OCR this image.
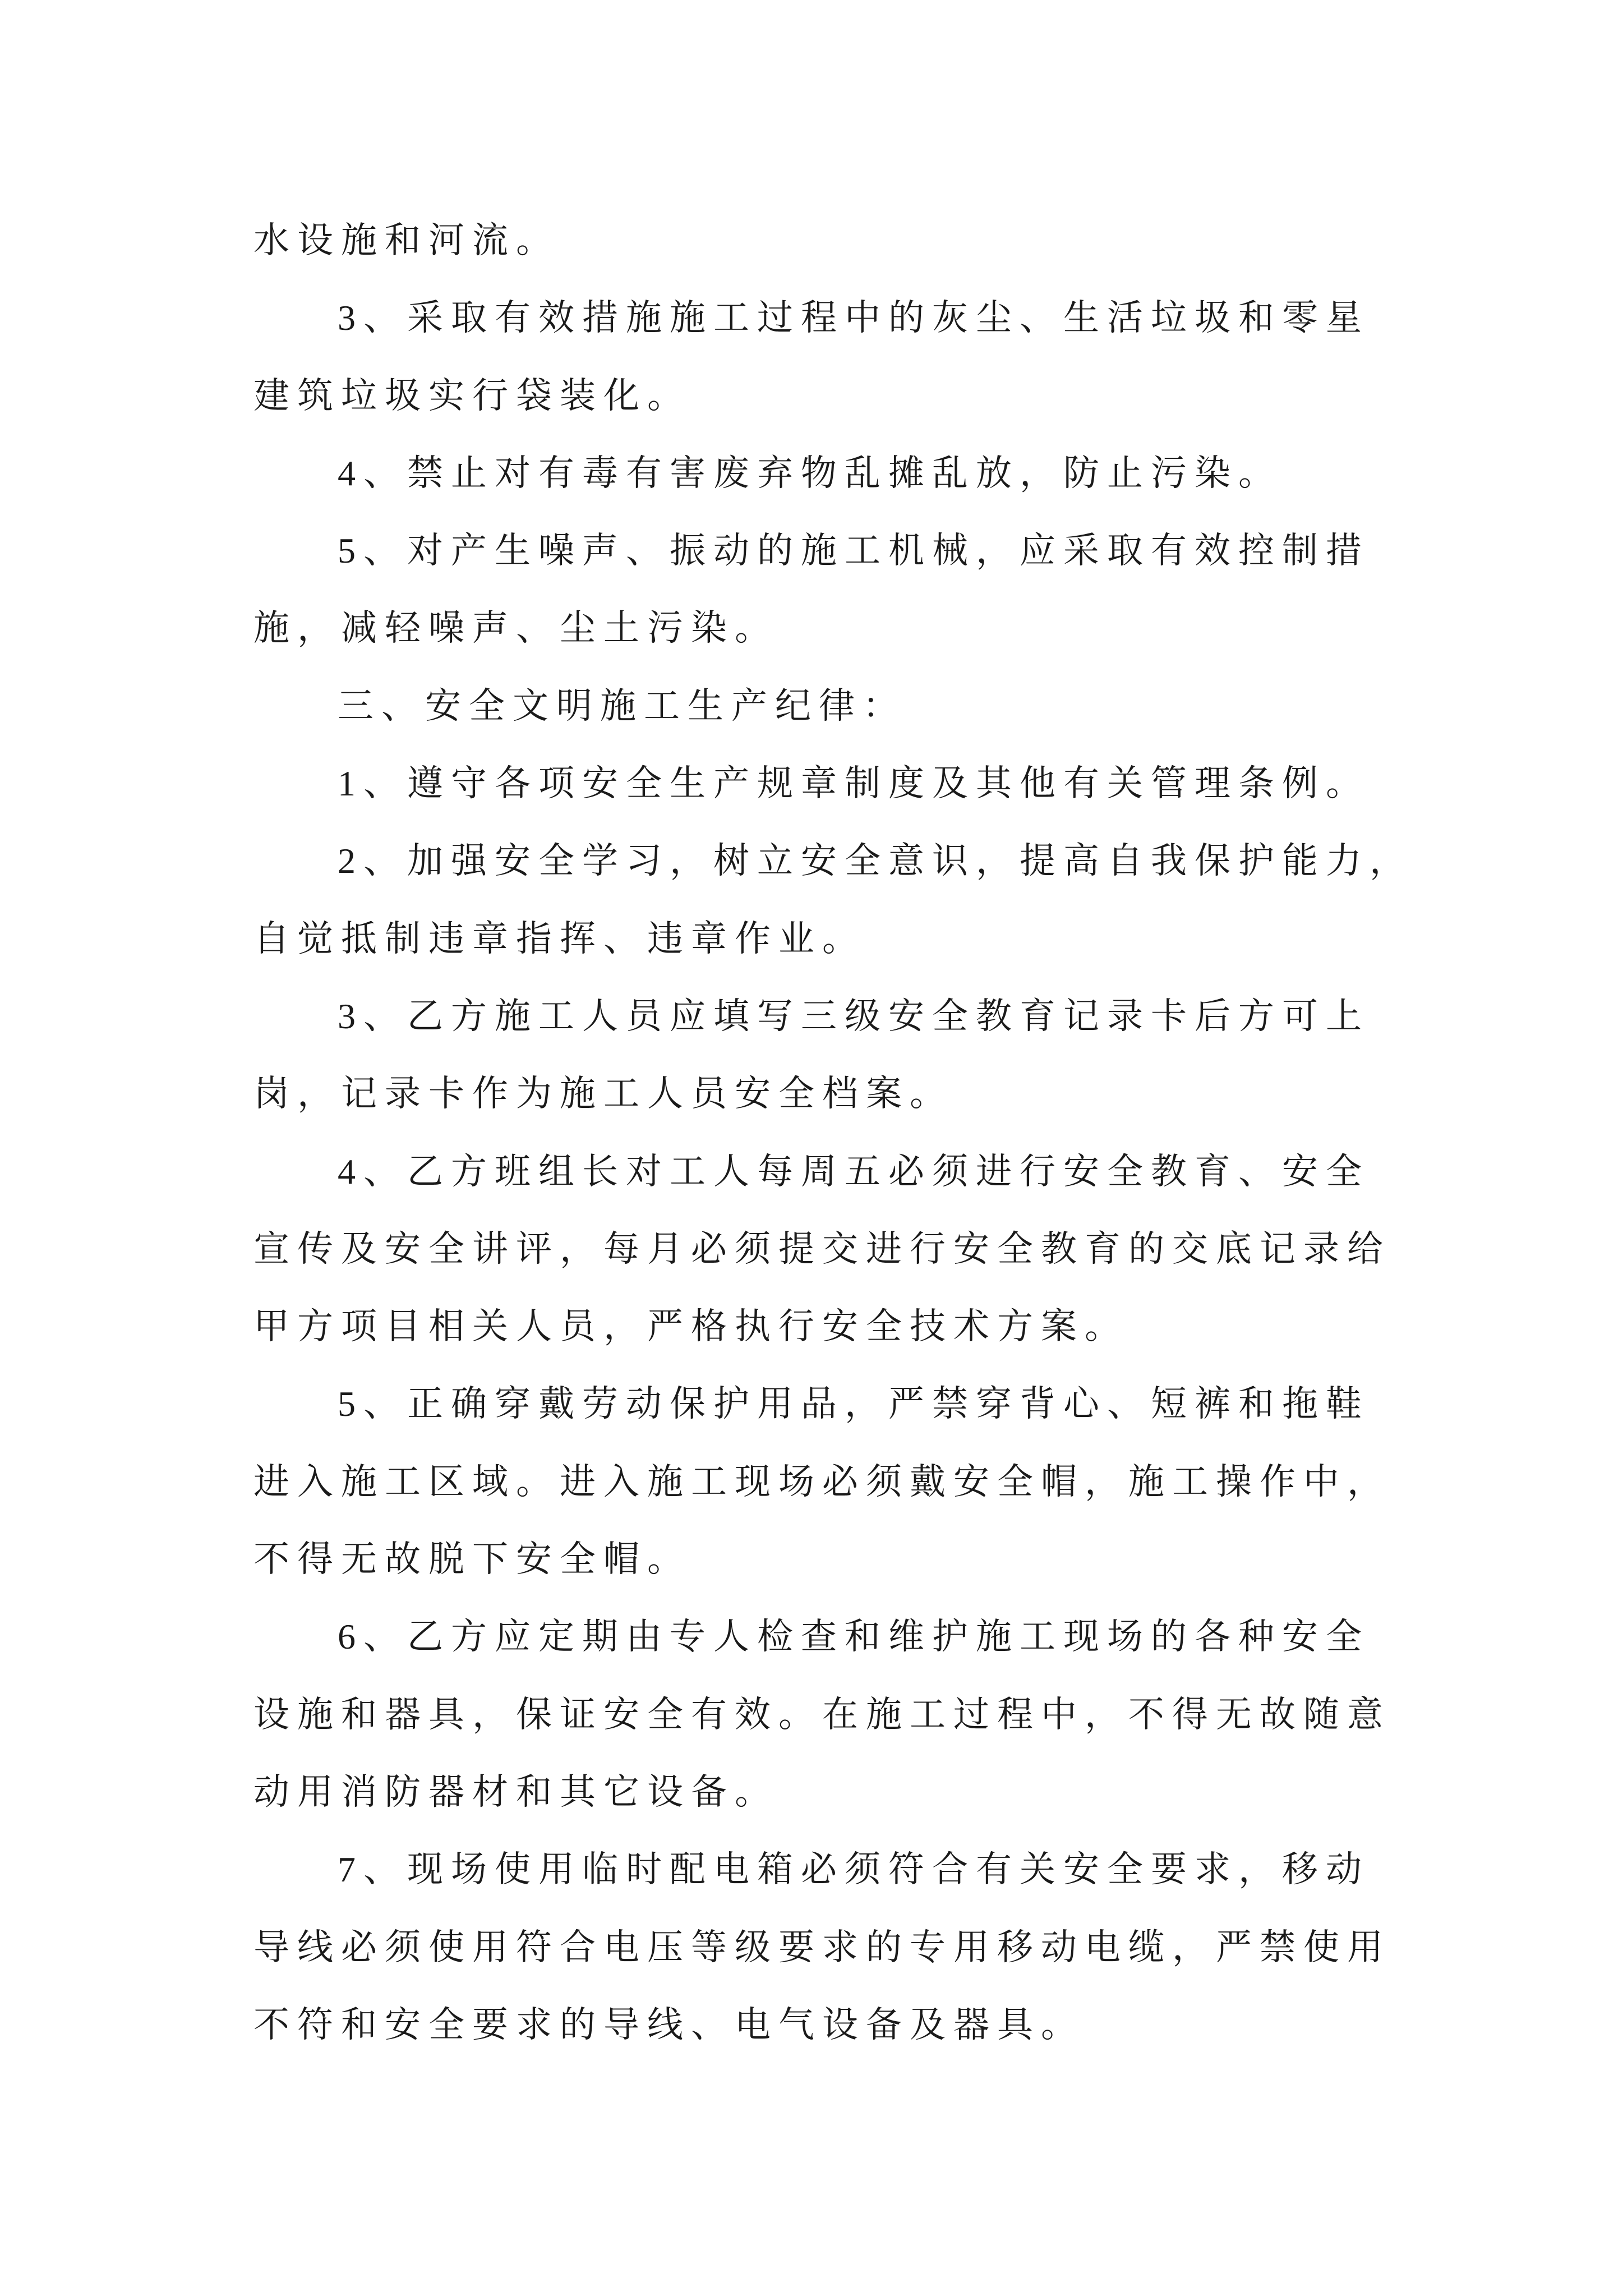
水设施和河流。
3、采取有效措施施工过程中的灰尘、生活垃圾和零星
建筑垃圾实行袋装化。
4、禁止对有毒有害废弃物乱摊乱放，防止污染。
5、对产生噪声、振动的施工机械，应采取有效控制措
施，减轻噪声、尘土污染。
三、安全文明施工生产纪律：
1、遵守各项安全生产规章制度及其他有关管理条例。
2、加强安全学习，树立安全意识，提高自我保护能力，
自觉抵制违章指挥、违章作业。
3、乙方施工人员应填写三级安全教育记录卡后方可上
岗，记录卡作为施工人员安全档案。
4、乙方班组长对工人每周五必须进行安全教育、安全
宣传及安全讲评，每月必须提交进行安全教育的交底记录给
甲方项目相关人员，严格执行安全技术方案。
5、正确穿戴劳动保护用品，严禁穿背心、短裤和拖鞋
进入施工区域。进入施工现场必须戴安全帽，施工操作中，
不得无故脱下安全帽。
6、乙方应定期由专人检查和维护施工现场的各种安全
设施和器具，保证安全有效。在施工过程中，不得无故随意
动用消防器材和其它设备。
7、现场使用临时配电箱必须符合有关安全要求，移动
导线必须使用符合电压等级要求的专用移动电缆，严禁使用
不符和安全要求的导线、电气设备及器具。
